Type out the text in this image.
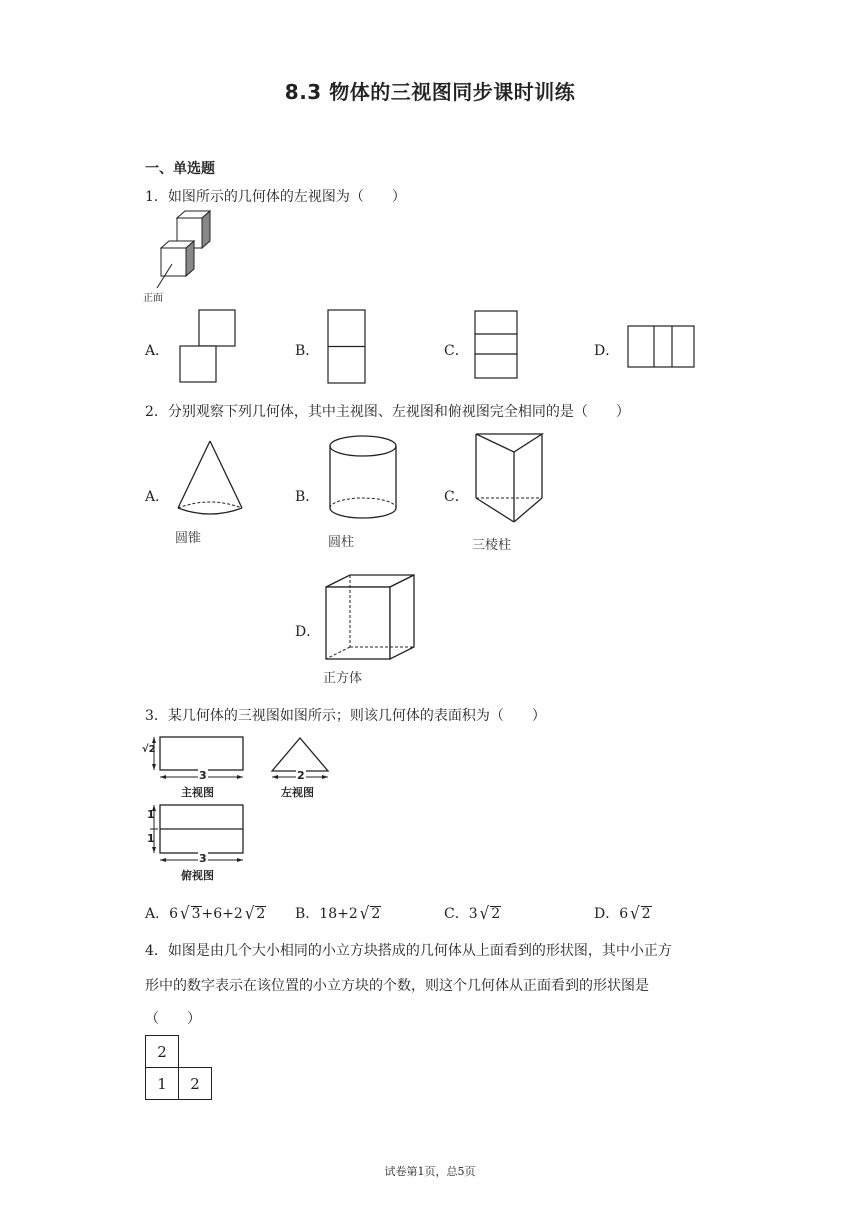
8.3 物体的三视图同步课时训练
一、单选题
1．如图所示的几何体的左视图为（　　）
正面
A．	B．	C．	D．
2．分别观察下列几何体，其中主视图、左视图和俯视图完全相同的是（　　）
A．
圆锥
B．
圆柱
C．
三棱柱
D．
正方体
3．某几何体的三视图如图所示；则该几何体的表面积为（　　）
√2
3
主视图
2
左视图
1
1
3
俯视图
A．6 √ 3+6+2 √ 2 B．18+2 √ 2	C．3 √ 2	D．6 √ 2
4．如图是由几个大小相同的小立方块搭成的几何体从上面看到的形状图，其中小正方
形中的数字表示在该位置的小立方块的个数，则这个几何体从正面看到的形状图是
（　　）
2	
1	2
试卷第1页，总5页
